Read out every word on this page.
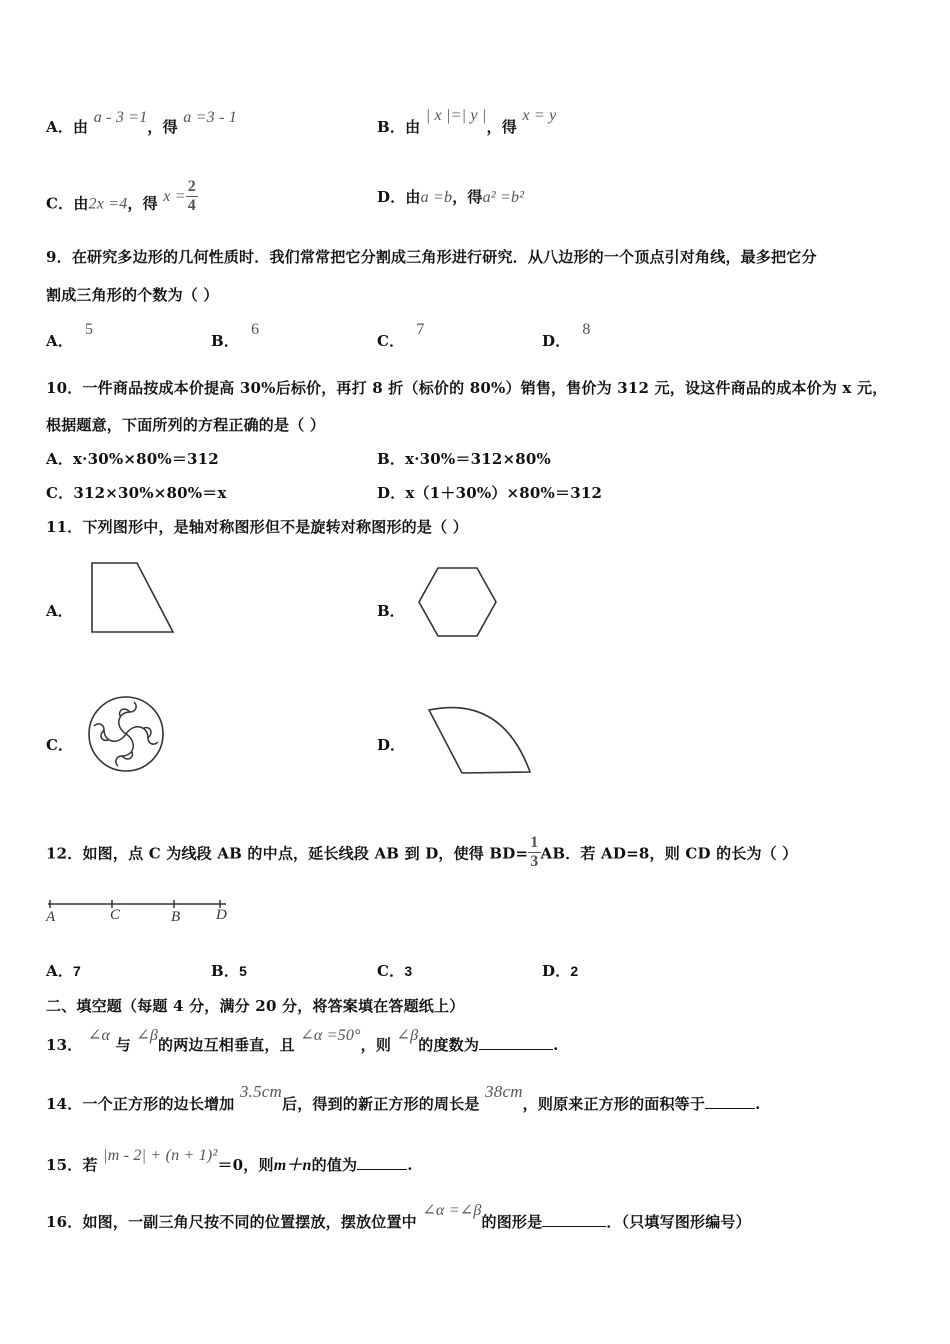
A．由 a - 3 =1，得 a =3 - 1
B．由 | x |=| y |，得 x = y
C．由2x =4，得 $x = \frac{2}{4}$	D．由a =b，得a² =b²
9．在研究多边形的几何性质时．我们常常把它分割成三角形进行研究．从八边形的一个顶点引对角线，最多把它分
割成三角形的个数为（ ）
A．5
B．6
C．7
D．8
10．一件商品按成本价提高 30%后标价，再打 8 折（标价的 80%）销售，售价为 312 元，设这件商品的成本价为 x 元，
根据题意，下面所列的方程正确的是（ ）
A．x·30%×80%＝312	B．x·30%＝312×80%
C．312×30%×80%＝x	D．x（1＋30%）×80%＝312
11．下列图形中，是轴对称图形但不是旋转对称图形的是（ ）
A．	B．
C．	D．
12．如图，点 C 为线段 AB 的中点，延长线段 AB 到 D，使得 $BD= \frac{1}{3}$ AB．若 AD=8，则 CD 的长为（ ）
A	C	B D
A．7	B．5	C．3	D．2
二、填空题（每题 4 分，满分 20 分，将答案填在答题纸上）
13． ∠α 与 ∠β的两边互相垂直，且 ∠α =50°，则 ∠β的度数为	.
14．一个正方形的边长增加 3.5cm后，得到的新正方形的周长是 38cm，则原来正方形的面积等于	.
15．若 |m - 2| + (n + 1)²＝0，则m＋n的值为	.
16．如图，一副三角尺按不同的位置摆放，摆放位置中 ∠α =∠β的图形是	．（只填写图形编号）
